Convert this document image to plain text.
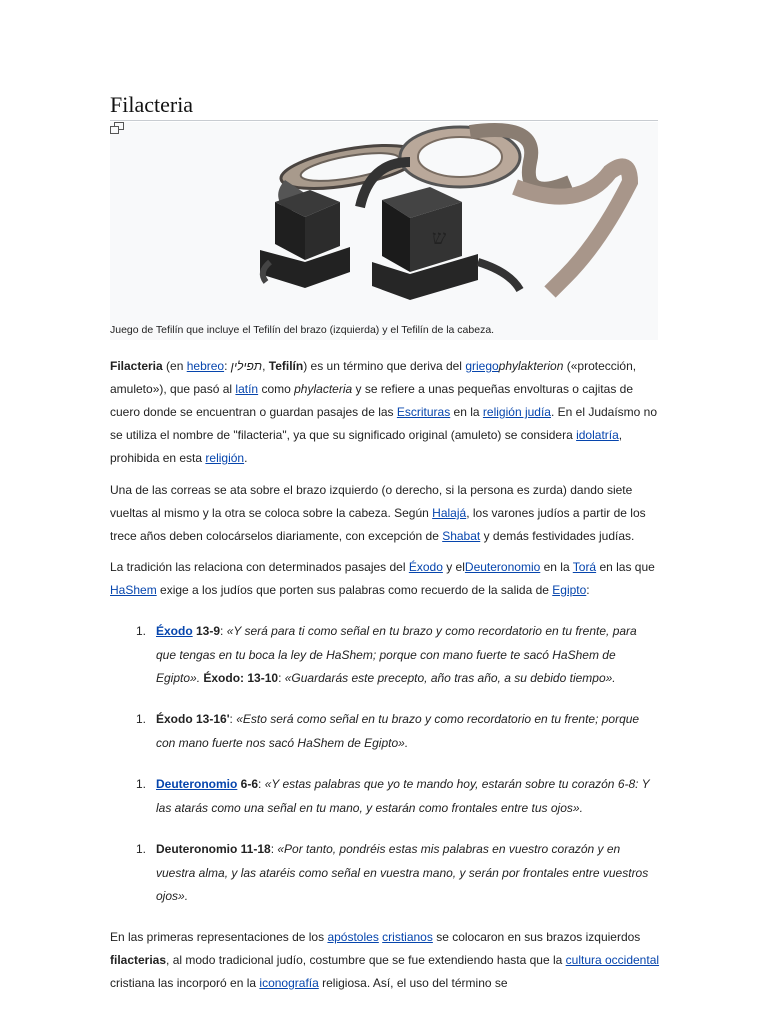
Filacteria
ש
Juego de Tefilín que incluye el Tefilín del brazo (izquierda) y el Tefilín de la cabeza.

Filacteria (en hebreo: תפילין, Tefilín) es un término que deriva del griegophylakterion («protección, amuleto»), que pasó al latín como phylacteria y se refiere a unas pequeñas envolturas o cajitas de cuero donde se encuentran o guardan pasajes de las Escrituras en la religión judía. En el Judaísmo no se utiliza el nombre de "filacteria", ya que su significado original (amuleto) se considera idolatría, prohibida en esta religión.

Una de las correas se ata sobre el brazo izquierdo (o derecho, si la persona es zurda) dando siete vueltas al mismo y la otra se coloca sobre la cabeza. Según Halajá, los varones judíos a partir de los trece años deben colocárselos diariamente, con excepción de Shabat y demás festividades judías.

La tradición las relaciona con determinados pasajes del Éxodo y elDeuteronomio en la Torá en las que HaShem exige a los judíos que porten sus palabras como recuerdo de la salida de Egipto:

1. Éxodo 13-9: «Y será para ti como señal en tu brazo y como recordatorio en tu frente, para que tengas en tu boca la ley de HaShem; porque con mano fuerte te sacó HaShem de Egipto». Éxodo: 13-10: «Guardarás este precepto, año tras año, a su debido tiempo».
1. Éxodo 13-16': «Esto será como señal en tu brazo y como recordatorio en tu frente; porque con mano fuerte nos sacó HaShem de Egipto».
1. Deuteronomio 6-6: «Y estas palabras que yo te mando hoy, estarán sobre tu corazón 6-8: Y las atarás como una señal en tu mano, y estarán como frontales entre tus ojos».
1. Deuteronomio 11-18: «Por tanto, pondréis estas mis palabras en vuestro corazón y en vuestra alma, y las ataréis como señal en vuestra mano, y serán por frontales entre vuestros ojos».

En las primeras representaciones de los apóstoles cristianos se colocaron en sus brazos izquierdos filacterias, al modo tradicional judío, costumbre que se fue extendiendo hasta que la cultura occidental cristiana las incorporó en la iconografía religiosa. Así, el uso del término se
